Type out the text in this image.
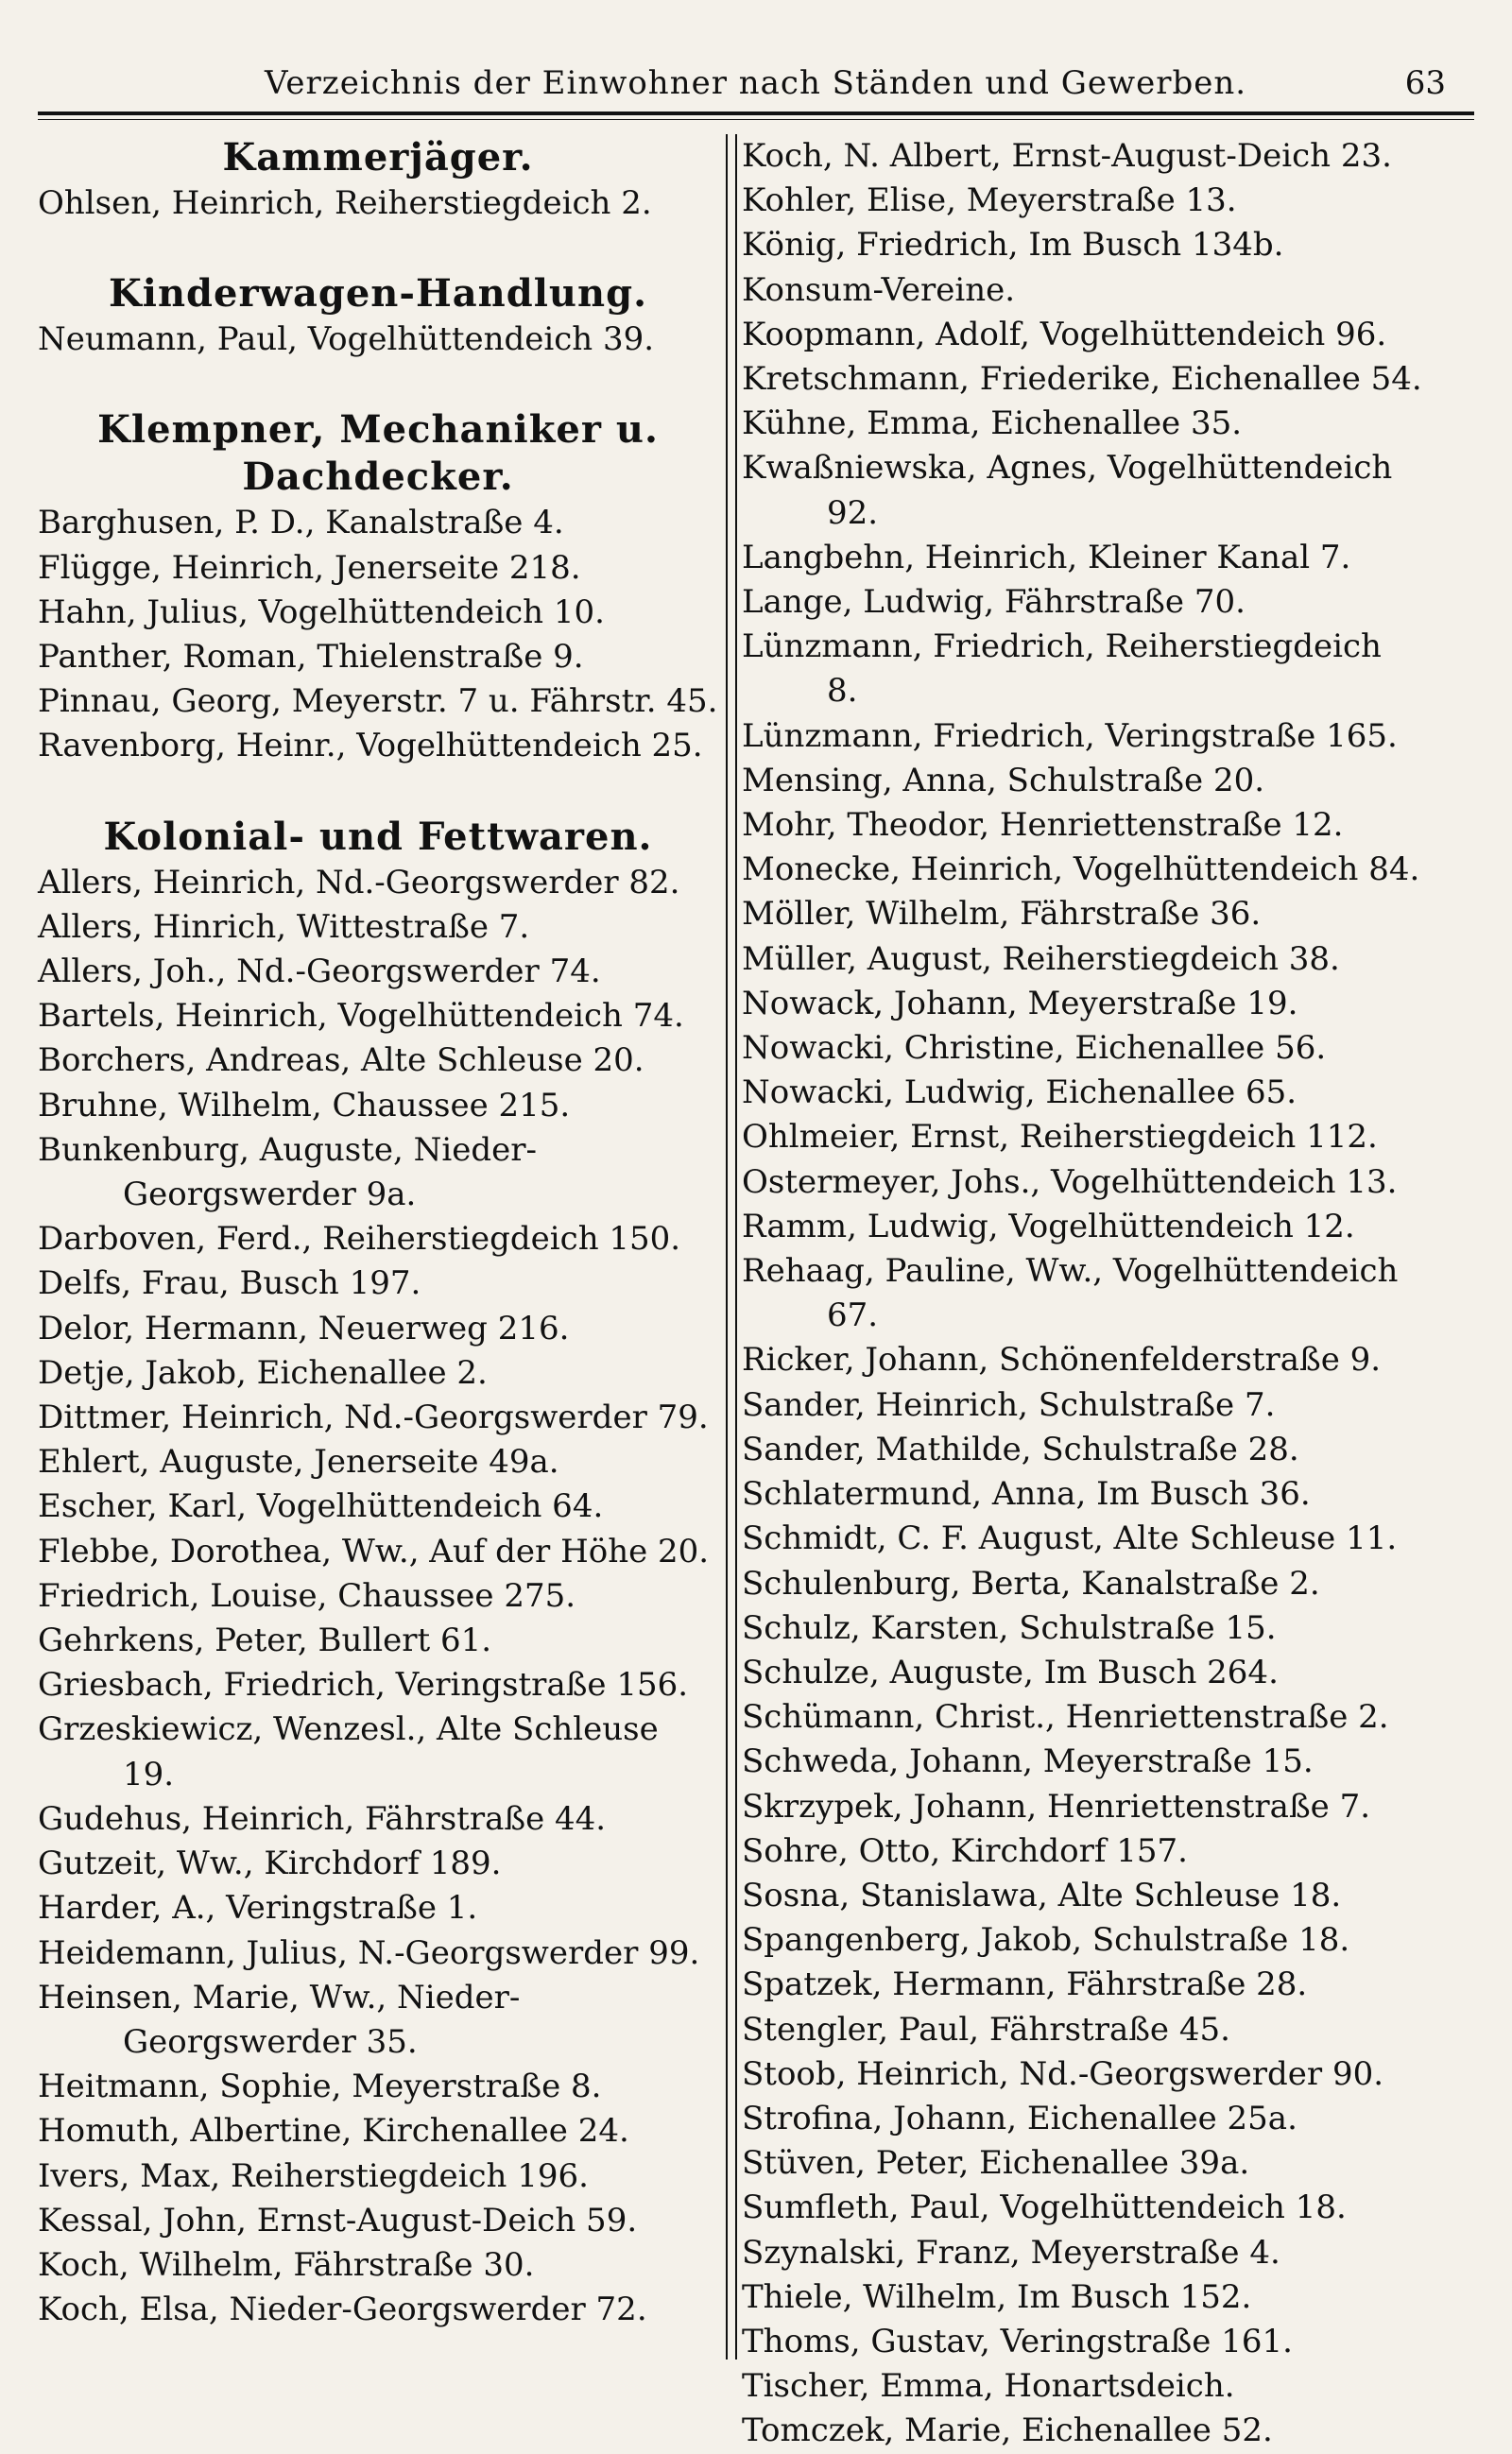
Verzeichnis der Einwohner nach Ständen und Gewerben.	63
Kammerjäger.
Ohlsen, Heinrich, Reiherstiegdeich 2.
Kinderwagen-Handlung.
Neumann, Paul, Vogelhüttendeich 39.
Klempner, Mechaniker u. Dachdecker.
Barghusen, P. D., Kanalstraße 4.
Flügge, Heinrich, Jenerseite 218.
Hahn, Julius, Vogelhüttendeich 10.
Panther, Roman, Thielenstraße 9.
Pinnau, Georg, Meyerstr. 7 u. Fährstr. 45.
Ravenborg, Heinr., Vogelhüttendeich 25.
Kolonial- und Fettwaren.
Allers, Heinrich, Nd.-Georgswerder 82.
Allers, Hinrich, Wittestraße 7.
Allers, Joh., Nd.-Georgswerder 74.
Bartels, Heinrich, Vogelhüttendeich 74.
Borchers, Andreas, Alte Schleuse 20.
Bruhne, Wilhelm, Chaussee 215.
Bunkenburg, Auguste, Nieder-Georgswerder 9a.
Darboven, Ferd., Reiherstiegdeich 150.
Delfs, Frau, Busch 197.
Delor, Hermann, Neuerweg 216.
Detje, Jakob, Eichenallee 2.
Dittmer, Heinrich, Nd.-Georgswerder 79.
Ehlert, Auguste, Jenerseite 49a.
Escher, Karl, Vogelhüttendeich 64.
Flebbe, Dorothea, Ww., Auf der Höhe 20.
Friedrich, Louise, Chaussee 275.
Gehrkens, Peter, Bullert 61.
Griesbach, Friedrich, Veringstraße 156.
Grzeskiewicz, Wenzesl., Alte Schleuse 19.
Gudehus, Heinrich, Fährstraße 44.
Gutzeit, Ww., Kirchdorf 189.
Harder, A., Veringstraße 1.
Heidemann, Julius, N.-Georgswerder 99.
Heinsen, Marie, Ww., Nieder-Georgswerder 35.
Heitmann, Sophie, Meyerstraße 8.
Homuth, Albertine, Kirchenallee 24.
Ivers, Max, Reiherstiegdeich 196.
Kessal, John, Ernst-August-Deich 59.
Koch, Wilhelm, Fährstraße 30.
Koch, Elsa, Nieder-Georgswerder 72.
Koch, N. Albert, Ernst-August-Deich 23.
Kohler, Elise, Meyerstraße 13.
König, Friedrich, Im Busch 134b.
Konsum-Vereine.
Koopmann, Adolf, Vogelhüttendeich 96.
Kretschmann, Friederike, Eichenallee 54.
Kühne, Emma, Eichenallee 35.
Kwaßniewska, Agnes, Vogelhüttendeich 92.
Langbehn, Heinrich, Kleiner Kanal 7.
Lange, Ludwig, Fährstraße 70.
Lünzmann, Friedrich, Reiherstiegdeich 8.
Lünzmann, Friedrich, Veringstraße 165.
Mensing, Anna, Schulstraße 20.
Mohr, Theodor, Henriettenstraße 12.
Monecke, Heinrich, Vogelhüttendeich 84.
Möller, Wilhelm, Fährstraße 36.
Müller, August, Reiherstiegdeich 38.
Nowack, Johann, Meyerstraße 19.
Nowacki, Christine, Eichenallee 56.
Nowacki, Ludwig, Eichenallee 65.
Ohlmeier, Ernst, Reiherstiegdeich 112.
Ostermeyer, Johs., Vogelhüttendeich 13.
Ramm, Ludwig, Vogelhüttendeich 12.
Rehaag, Pauline, Ww., Vogelhüttendeich 67.
Ricker, Johann, Schönenfelderstraße 9.
Sander, Heinrich, Schulstraße 7.
Sander, Mathilde, Schulstraße 28.
Schlatermund, Anna, Im Busch 36.
Schmidt, C. F. August, Alte Schleuse 11.
Schulenburg, Berta, Kanalstraße 2.
Schulz, Karsten, Schulstraße 15.
Schulze, Auguste, Im Busch 264.
Schümann, Christ., Henriettenstraße 2.
Schweda, Johann, Meyerstraße 15.
Skrzypek, Johann, Henriettenstraße 7.
Sohre, Otto, Kirchdorf 157.
Sosna, Stanislawa, Alte Schleuse 18.
Spangenberg, Jakob, Schulstraße 18.
Spatzek, Hermann, Fährstraße 28.
Stengler, Paul, Fährstraße 45.
Stoob, Heinrich, Nd.-Georgswerder 90.
Strofina, Johann, Eichenallee 25a.
Stüven, Peter, Eichenallee 39a.
Sumfleth, Paul, Vogelhüttendeich 18.
Szynalski, Franz, Meyerstraße 4.
Thiele, Wilhelm, Im Busch 152.
Thoms, Gustav, Veringstraße 161.
Tischer, Emma, Honartsdeich.
Tomczek, Marie, Eichenallee 52.
